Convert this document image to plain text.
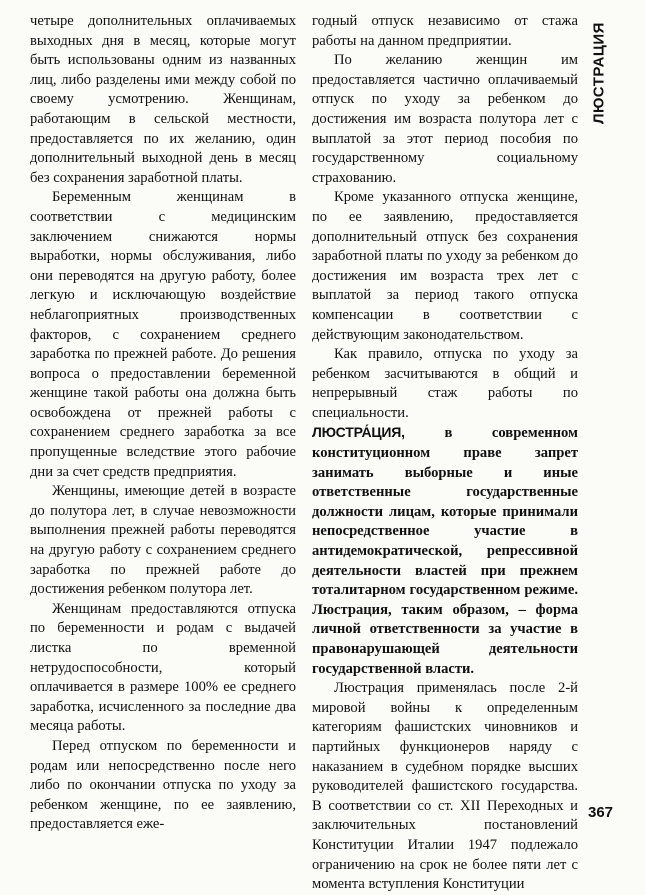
четыре дополнительных оплачиваемых выходных дня в месяц, которые могут быть использованы одним из названных лиц, либо разделены ими между собой по своему усмотрению. Женщинам, работающим в сельской местности, предоставляется по их желанию, один дополнительный выходной день в месяц без сохранения заработной платы.

Беременным женщинам в соответствии с медицинским заключением снижаются нормы выработки, нормы обслуживания, либо они переводятся на другую работу, более легкую и исключающую воздействие неблагоприятных производственных факторов, с сохранением среднего заработка по прежней работе. До решения вопроса о предоставлении беременной женщине такой работы она должна быть освобождена от прежней работы с сохранением среднего заработка за все пропущенные вследствие этого рабочие дни за счет средств предприятия.

Женщины, имеющие детей в возрасте до полутора лет, в случае невозможности выполнения прежней работы переводятся на другую работу с сохранением среднего заработка по прежней работе до достижения ребенком полутора лет.

Женщинам предоставляются отпуска по беременности и родам с выдачей листка по временной нетрудоспособности, который оплачивается в размере 100% ее среднего заработка, исчисленного за последние два месяца работы.

Перед отпуском по беременности и родам или непосредственно после него либо по окончании отпуска по уходу за ребенком женщине, по ее заявлению, предоставляется еже-

годный отпуск независимо от стажа работы на данном предприятии.

По желанию женщин им предоставляется частично оплачиваемый отпуск по уходу за ребенком до достижения им возраста полутора лет с выплатой за этот период пособия по государственному социальному страхованию.

Кроме указанного отпуска женщине, по ее заявлению, предоставляется дополнительный отпуск без сохранения заработной платы по уходу за ребенком до достижения им возраста трех лет с выплатой за период такого отпуска компенсации в соответствии с действующим законодательством.

Как правило, отпуска по уходу за ребенком засчитываются в общий и непрерывный стаж работы по специальности.

ЛЮСТРА́ЦИЯ,	в современном конституционном праве запрет занимать выборные и иные ответственные государственные должности лицам, которые принимали непосредственное участие в антидемократической, репрессивной деятельности властей при прежнем тоталитарном государственном режиме. Люстрация, таким образом, – форма личной ответственности за участие в правонарушающей деятельности государственной власти.

Люстрация применялась после 2-й мировой войны к определенным категориям фашистских чиновников и партийных функционеров наряду с наказанием в судебном порядке высших руководителей фашистского государства. В соответствии со ст. XII Переходных и заключительных постановлений Конституции Италии 1947 подлежало ограничению на срок не более пяти лет с момента вступления Конституции

ЛЮСТРАЦИЯ
367
